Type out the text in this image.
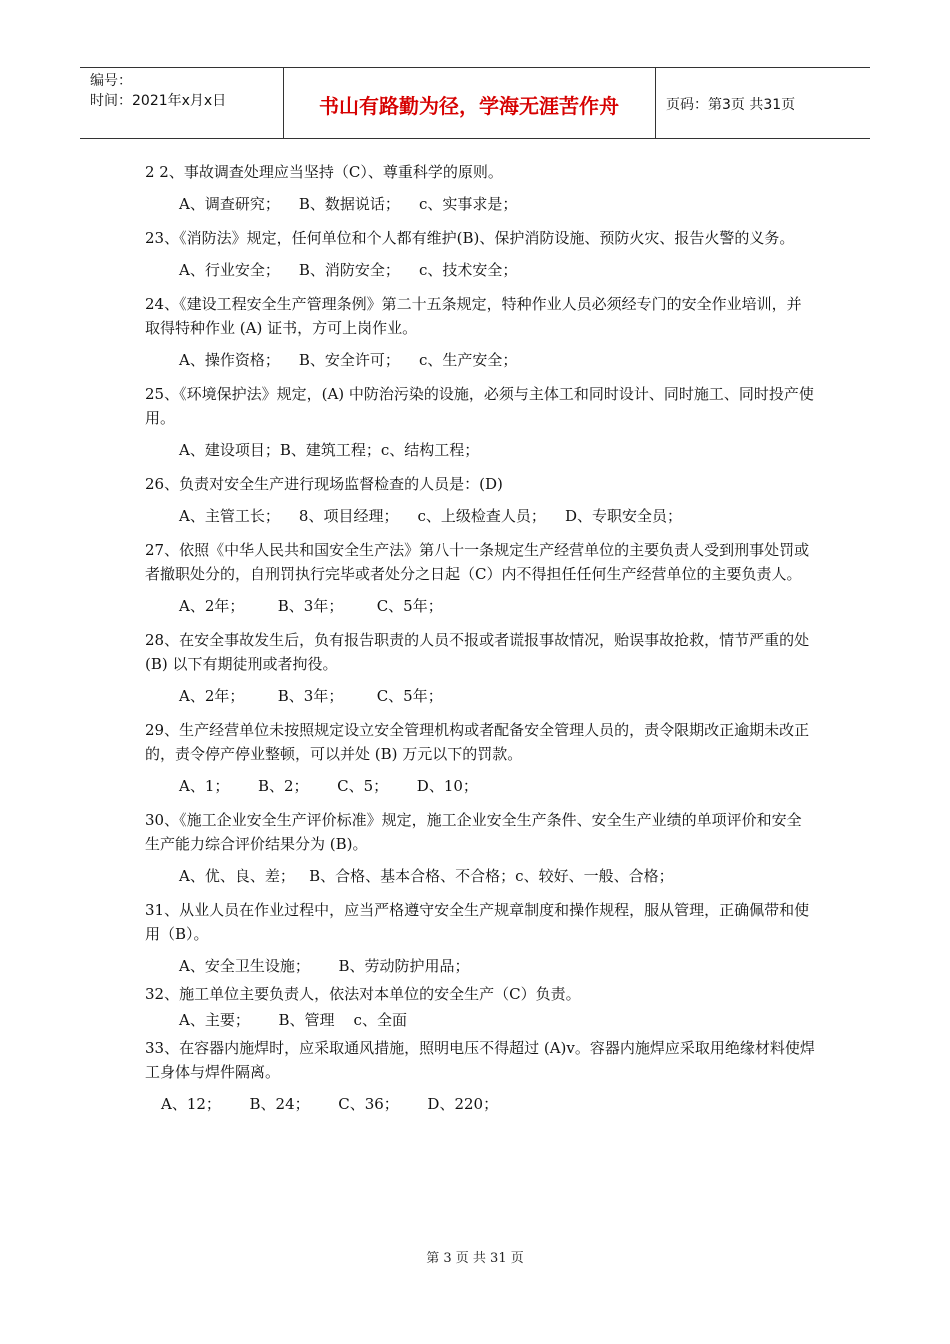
编号：
时间：2021年x月x日	书山有路勤为径，学海无涯苦作舟	页码：第3页 共31页

2 2、事故调查处理应当坚持（C）、尊重科学的原则。

A、调查研究；    B、数据说话；    c、实事求是；

23、《消防法》规定，任何单位和个人都有维护(B)、保护消防设施、预防火灾、报告火警的义务。

A、行业安全；    B、消防安全；    c、技术安全；

24、《建设工程安全生产管理条例》第二十五条规定，特种作业人员必须经专门的安全作业培训，并取得特种作业 (A) 证书，方可上岗作业。

A、操作资格；    B、安全许可；    c、生产安全；

25、《环境保护法》规定，(A) 中防治污染的设施，必须与主体工和同时设计、同时施工、同时投产使用。

A、建设项目；B、建筑工程；c、结构工程；

26、负责对安全生产进行现场监督检查的人员是：(D)

A、主管工长；    8、项目经理；    c、上级检查人员；    D、专职安全员；

27、依照《中华人民共和国安全生产法》第八十一条规定生产经营单位的主要负责人受到刑事处罚或者撤职处分的，自刑罚执行完毕或者处分之日起（C）内不得担任任何生产经营单位的主要负责人。

A、2年；       B、3年；       C、5年；

28、在安全事故发生后，负有报告职责的人员不报或者谎报事故情况，贻误事故抢救，情节严重的处 (B) 以下有期徒刑或者拘役。

A、2年；       B、3年；       C、5年；

29、生产经营单位未按照规定设立安全管理机构或者配备安全管理人员的，责令限期改正逾期未改正的，责令停产停业整顿，可以并处 (B) 万元以下的罚款。

A、1；      B、2；      C、5；      D、10；

30、《施工企业安全生产评价标准》规定，施工企业安全生产条件、安全生产业绩的单项评价和安全生产能力综合评价结果分为 (B)。

A、优、良、差；   B、合格、基本合格、不合格；c、较好、一般、合格；

31、从业人员在作业过程中，应当严格遵守安全生产规章制度和操作规程，服从管理，正确佩带和使用（B）。

A、安全卫生设施；      B、劳动防护用品；

32、施工单位主要负责人，依法对本单位的安全生产（C）负责。

A、主要；      B、管理    c、全面

33、在容器内施焊时，应采取通风措施，照明电压不得超过 (A)v。容器内施焊应采取用绝缘材料使焊工身体与焊件隔离。

A、12；      B、24；      C、36；      D、220；

第 3 页 共 31 页
